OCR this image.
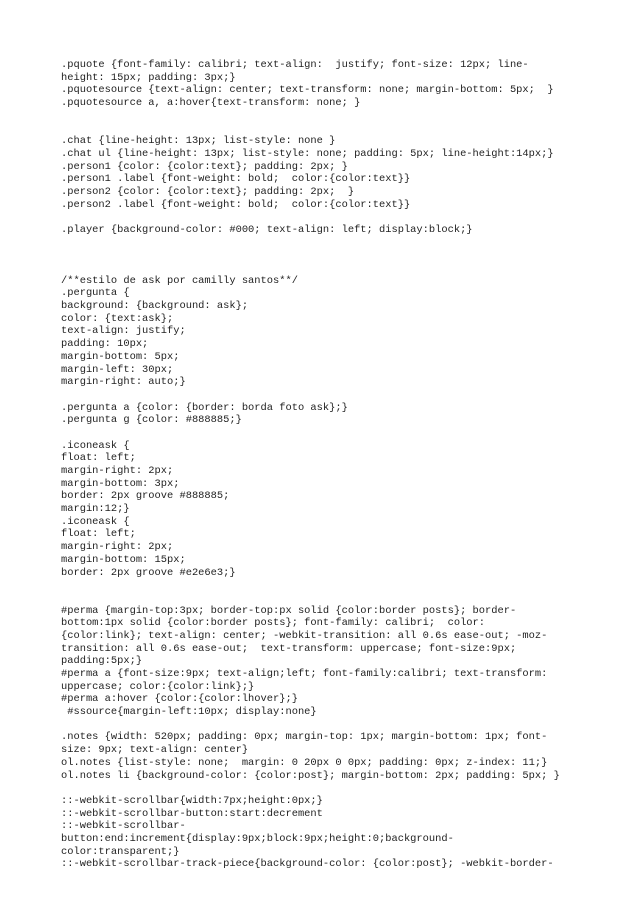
.pquote {font-family: calibri; text-align:  justify; font-size: 12px; line-
height: 15px; padding: 3px;}
.pquotesource {text-align: center; text-transform: none; margin-bottom: 5px;  }
.pquotesource a, a:hover{text-transform: none; }
.chat {line-height: 13px; list-style: none }
.chat ul {line-height: 13px; list-style: none; padding: 5px; line-height:14px;}
.person1 {color: {color:text}; padding: 2px; }
.person1 .label {font-weight: bold;  color:{color:text}}
.person2 {color: {color:text}; padding: 2px;  }
.person2 .label {font-weight: bold;  color:{color:text}}
.player {background-color: #000; text-align: left; display:block;}
/**estilo de ask por camilly santos**/
.pergunta {
background: {background: ask};
color: {text:ask};
text-align: justify;
padding: 10px;
margin-bottom: 5px;
margin-left: 30px;
margin-right: auto;}
.pergunta a {color: {border: borda foto ask};}
.pergunta g {color: #888885;}
.iconeask {
float: left;
margin-right: 2px;
margin-bottom: 3px;
border: 2px groove #888885;
margin:12;}
.iconeask {
float: left;
margin-right: 2px;
margin-bottom: 15px;
border: 2px groove #e2e6e3;}
#perma {margin-top:3px; border-top:px solid {color:border posts}; border-
bottom:1px solid {color:border posts}; font-family: calibri;  color:
{color:link}; text-align: center; -webkit-transition: all 0.6s ease-out; -moz-
transition: all 0.6s ease-out;  text-transform: uppercase; font-size:9px;
padding:5px;}
#perma a {font-size:9px; text-align;left; font-family:calibri; text-transform:
uppercase; color:{color:link};}
#perma a:hover {color:{color:lhover};}
#ssource{margin-left:10px; display:none}
.notes {width: 520px; padding: 0px; margin-top: 1px; margin-bottom: 1px; font-
size: 9px; text-align: center}
ol.notes {list-style: none;  margin: 0 20px 0 0px; padding: 0px; z-index: 11;}
ol.notes li {background-color: {color:post}; margin-bottom: 2px; padding: 5px; }
::-webkit-scrollbar{width:7px;height:0px;}
::-webkit-scrollbar-button:start:decrement
::-webkit-scrollbar-
button:end:increment{display:9px;block:9px;height:0;background-
color:transparent;}
::-webkit-scrollbar-track-piece{background-color: {color:post}; -webkit-border-
